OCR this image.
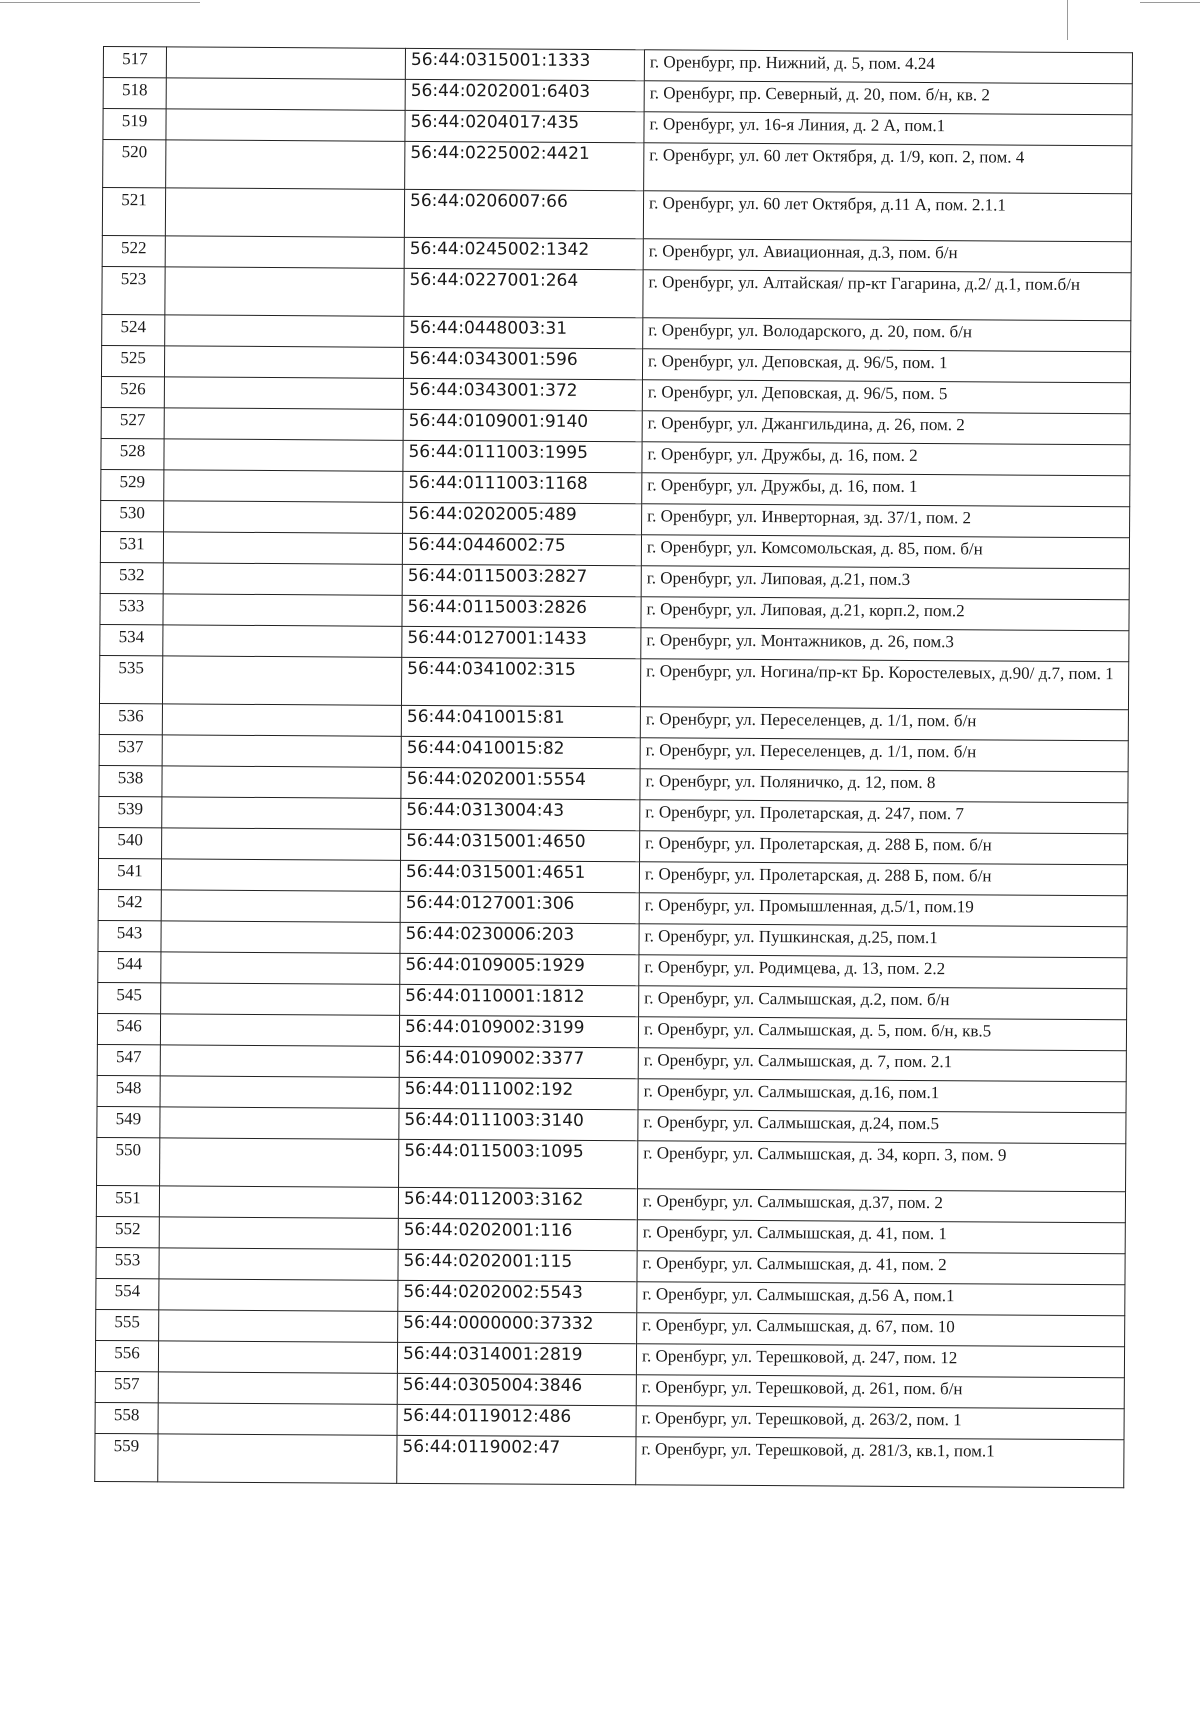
517		56:44:0315001:1333	г. Оренбург, пр. Нижний, д. 5, пом. 4.24
518		56:44:0202001:6403	г. Оренбург, пр. Северный, д. 20, пом. б/н, кв. 2
519		56:44:0204017:435	г. Оренбург, ул. 16-я Линия, д. 2 А, пом.1
520		56:44:0225002:4421	г. Оренбург, ул. 60 лет Октября, д. 1/9, коп. 2, пом. 4
521		56:44:0206007:66	г. Оренбург, ул. 60 лет Октября, д.11 А, пом. 2.1.1
522		56:44:0245002:1342	г. Оренбург, ул. Авиационная, д.3, пом. б/н
523		56:44:0227001:264	г. Оренбург, ул. Алтайская/ пр-кт Гагарина, д.2/ д.1, пом.б/н
524		56:44:0448003:31	г. Оренбург, ул. Володарского, д. 20, пом. б/н
525		56:44:0343001:596	г. Оренбург, ул. Деповская, д. 96/5, пом. 1
526		56:44:0343001:372	г. Оренбург, ул. Деповская, д. 96/5, пом. 5
527		56:44:0109001:9140	г. Оренбург, ул. Джангильдина, д. 26, пом. 2
528		56:44:0111003:1995	г. Оренбург, ул. Дружбы, д. 16, пом. 2
529		56:44:0111003:1168	г. Оренбург, ул. Дружбы, д. 16, пом. 1
530		56:44:0202005:489	г. Оренбург, ул. Инверторная, зд. 37/1, пом. 2
531		56:44:0446002:75	г. Оренбург, ул. Комсомольская, д. 85, пом. б/н
532		56:44:0115003:2827	г. Оренбург, ул. Липовая, д.21, пом.3
533		56:44:0115003:2826	г. Оренбург, ул. Липовая, д.21, корп.2, пом.2
534		56:44:0127001:1433	г. Оренбург, ул. Монтажников, д. 26, пом.3
535		56:44:0341002:315	г. Оренбург, ул. Ногина/пр-кт Бр. Коростелевых, д.90/ д.7, пом. 1
536		56:44:0410015:81	г. Оренбург, ул. Переселенцев, д. 1/1, пом. б/н
537		56:44:0410015:82	г. Оренбург, ул. Переселенцев, д. 1/1, пом. б/н
538		56:44:0202001:5554	г. Оренбург, ул. Поляничко, д. 12, пом. 8
539		56:44:0313004:43	г. Оренбург, ул. Пролетарская, д. 247, пом. 7
540		56:44:0315001:4650	г. Оренбург, ул. Пролетарская, д. 288 Б, пом. б/н
541		56:44:0315001:4651	г. Оренбург, ул. Пролетарская, д. 288 Б, пом. б/н
542		56:44:0127001:306	г. Оренбург, ул. Промышленная, д.5/1, пом.19
543		56:44:0230006:203	г. Оренбург, ул. Пушкинская, д.25, пом.1
544		56:44:0109005:1929	г. Оренбург, ул. Родимцева, д. 13, пом. 2.2
545		56:44:0110001:1812	г. Оренбург, ул. Салмышская, д.2, пом. б/н
546		56:44:0109002:3199	г. Оренбург, ул. Салмышская, д. 5, пом. б/н, кв.5
547		56:44:0109002:3377	г. Оренбург, ул. Салмышская, д. 7, пом. 2.1
548		56:44:0111002:192	г. Оренбург, ул. Салмышская, д.16, пом.1
549		56:44:0111003:3140	г. Оренбург, ул. Салмышская, д.24, пом.5
550		56:44:0115003:1095	г. Оренбург, ул. Салмышская, д. 34, корп. 3, пом. 9
551		56:44:0112003:3162	г. Оренбург, ул. Салмышская, д.37, пом. 2
552		56:44:0202001:116	г. Оренбург, ул. Салмышская, д. 41, пом. 1
553		56:44:0202001:115	г. Оренбург, ул. Салмышская, д. 41, пом. 2
554		56:44:0202002:5543	г. Оренбург, ул. Салмышская, д.56 А, пом.1
555		56:44:0000000:37332	г. Оренбург, ул. Салмышская, д. 67, пом. 10
556		56:44:0314001:2819	г. Оренбург, ул. Терешковой, д. 247, пом. 12
557		56:44:0305004:3846	г. Оренбург, ул. Терешковой, д. 261, пом. б/н
558		56:44:0119012:486	г. Оренбург, ул. Терешковой, д. 263/2, пом. 1
559		56:44:0119002:47	г. Оренбург, ул. Терешковой, д. 281/3, кв.1, пом.1
